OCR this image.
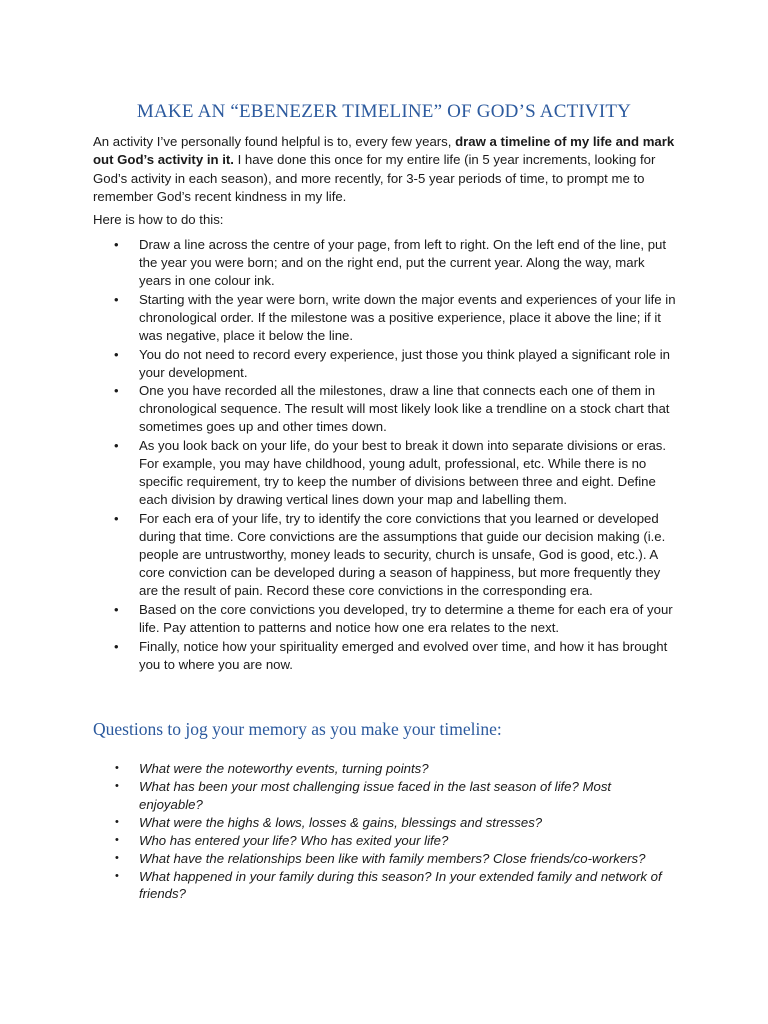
MAKE AN “EBENEZER TIMELINE” OF GOD’S ACTIVITY

An activity I’ve personally found helpful is to, every few years, draw a timeline of my life and mark out God’s activity in it. I have done this once for my entire life (in 5 year increments, looking for God’s activity in each season), and more recently, for 3-5 year periods of time, to prompt me to remember God’s recent kindness in my life.

Here is how to do this:

• Draw a line across the centre of your page, from left to right. On the left end of the line, put the year you were born; and on the right end, put the current year. Along the way, mark years in one colour ink.
• Starting with the year were born, write down the major events and experiences of your life in chronological order. If the milestone was a positive experience, place it above the line; if it was negative, place it below the line.
• You do not need to record every experience, just those you think played a significant role in your development.
• One you have recorded all the milestones, draw a line that connects each one of them in chronological sequence. The result will most likely look like a trendline on a stock chart that sometimes goes up and other times down.
• As you look back on your life, do your best to break it down into separate divisions or eras. For example, you may have childhood, young adult, professional, etc. While there is no specific requirement, try to keep the number of divisions between three and eight. Define each division by drawing vertical lines down your map and labelling them.
• For each era of your life, try to identify the core convictions that you learned or developed during that time. Core convictions are the assumptions that guide our decision making (i.e. people are untrustworthy, money leads to security, church is unsafe, God is good, etc.). A core conviction can be developed during a season of happiness, but more frequently they are the result of pain. Record these core convictions in the corresponding era.
• Based on the core convictions you developed, try to determine a theme for each era of your life. Pay attention to patterns and notice how one era relates to the next.
• Finally, notice how your spirituality emerged and evolved over time, and how it has brought you to where you are now.
Questions to jog your memory as you make your timeline:
• What were the noteworthy events, turning points?
• What has been your most challenging issue faced in the last season of life? Most enjoyable?
• What were the highs & lows, losses & gains, blessings and stresses?
• Who has entered your life? Who has exited your life?
• What have the relationships been like with family members? Close friends/co-workers?
• What happened in your family during this season? In your extended family and network of friends?
